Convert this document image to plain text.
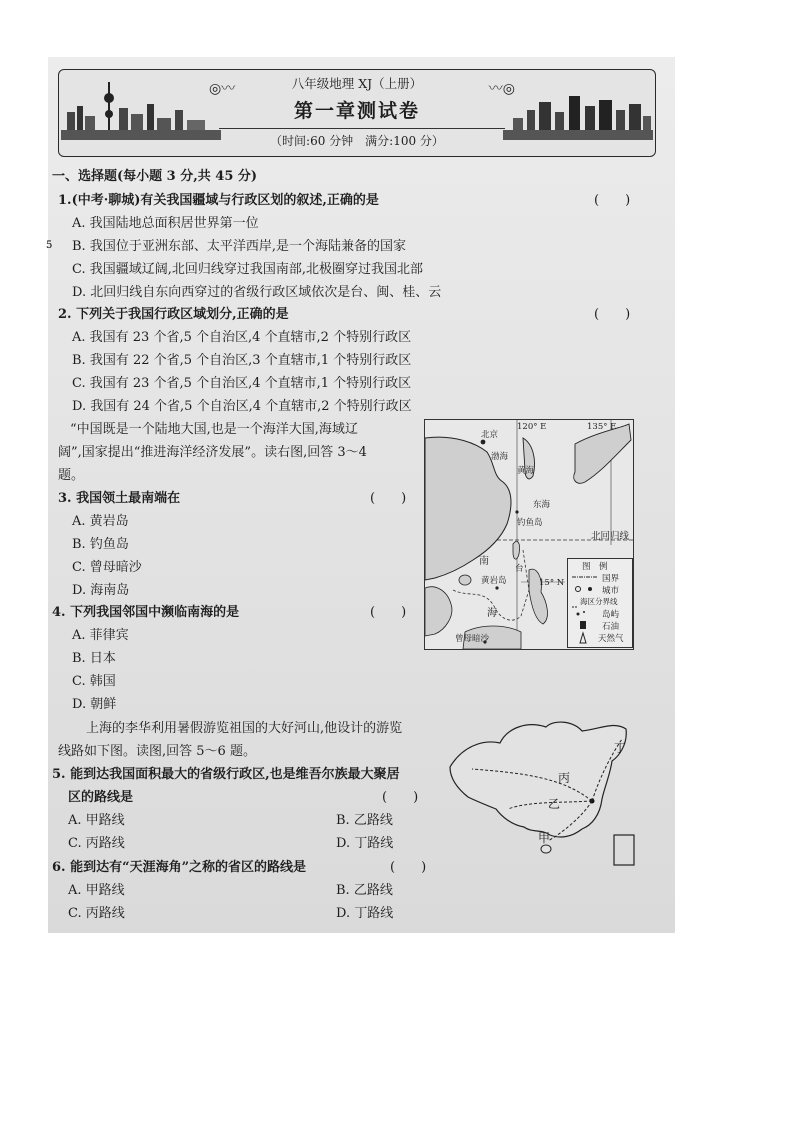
◎〰	〰◎
八年级地理 XJ（上册）
第一章测试卷
（时间:60 分钟　满分:100 分）
一、选择题(每小题 3 分,共 45 分)
1.(中考·聊城)有关我国疆域与行政区划的叙述,正确的是	(　　)
A. 我国陆地总面积居世界第一位
B. 我国位于亚洲东部、太平洋西岸,是一个海陆兼备的国家
C. 我国疆域辽阔,北回归线穿过我国南部,北极圈穿过我国北部
D. 北回归线自东向西穿过的省级行政区域依次是台、闽、桂、云
2. 下列关于我国行政区域划分,正确的是	(　　)
A. 我国有 23 个省,5 个自治区,4 个直辖市,2 个特别行政区
B. 我国有 22 个省,5 个自治区,3 个直辖市,1 个特别行政区
C. 我国有 23 个省,5 个自治区,4 个直辖市,1 个特别行政区
D. 我国有 24 个省,5 个自治区,4 个直辖市,2 个特别行政区
“中国既是一个陆地大国,也是一个海洋大国,海域辽
阔”,国家提出“推进海洋经济发展”。读右图,回答 3～4
题。
3. 我国领土最南端在	(　　)
A. 黄岩岛
B. 钓鱼岛
C. 曾母暗沙
D. 海南岛
4. 下列我国邻国中濒临南海的是	(　　)
A. 菲律宾
B. 日本
C. 韩国
D. 朝鲜
上海的李华利用暑假游览祖国的大好河山,他设计的游览
线路如下图。读图,回答 5～6 题。
5. 能到达我国面积最大的省级行政区,也是维吾尔族最大聚居
区的路线是	(　　)
A. 甲路线	B. 乙路线
C. 丙路线	D. 丁路线
6. 能到达有“天涯海角”之称的省区的路线是	(　　)
A. 甲路线	B. 乙路线
C. 丙路线	D. 丁路线
120° E	135° E
北京
渤海
黄海
东海
钓鱼岛
北回归线
南
海
黄岩岛
曾母暗沙
台
15° N
图　例
国界
城市
海区分界线
岛屿
石油
天然气
甲
乙
丙
丁
5
